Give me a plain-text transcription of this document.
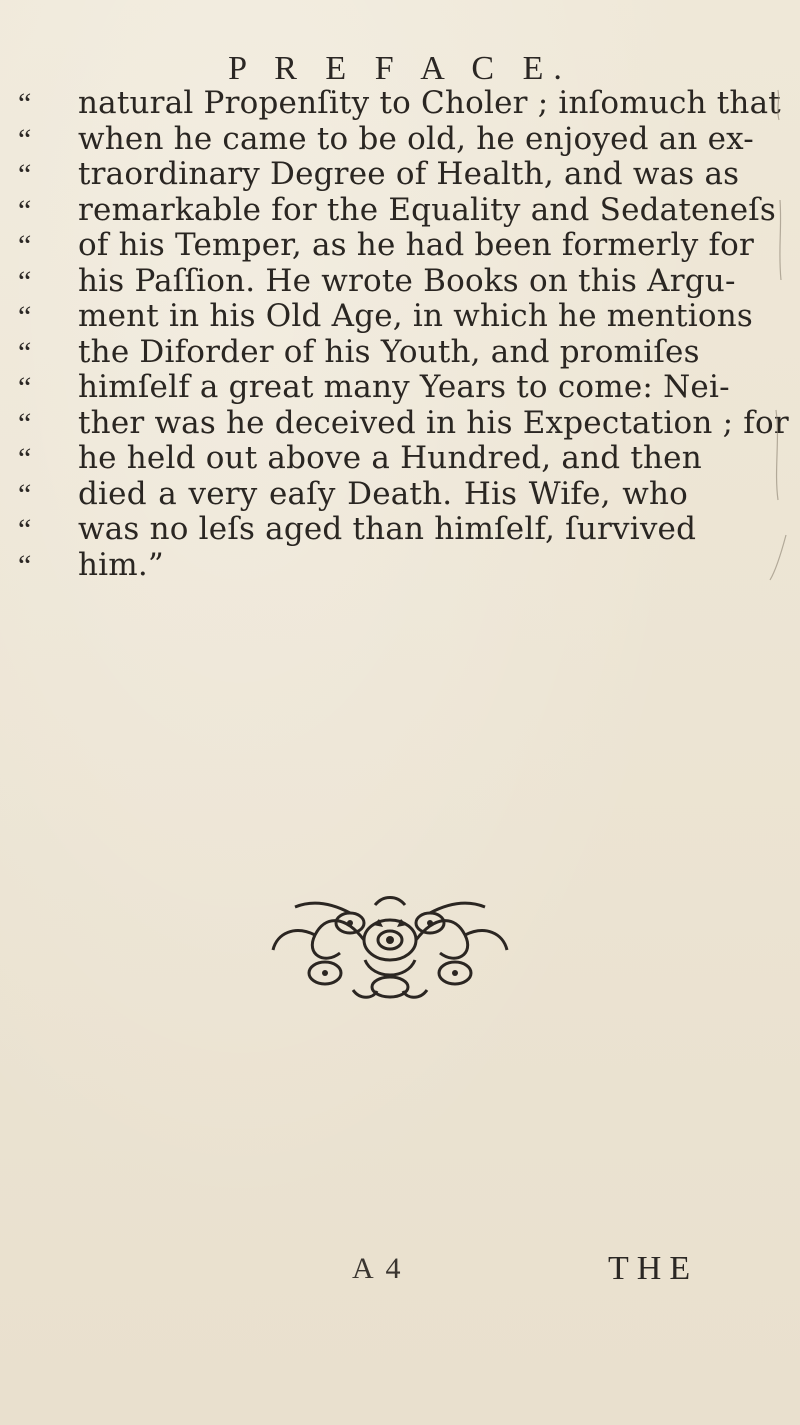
P R E F A C E.
“	natural Propenſity to Choler ; inſomuch that
“	when he came to be old, he enjoyed an ex-
“	traordinary Degree of Health, and was as
“	remarkable for the Equality and Sedateneſs
“	of his Temper, as he had been formerly for
“	his Paſſion. He wrote Books on this Argu-
“	ment in his Old Age, in which he mentions
“	the Diforder of his Youth, and promiſes
“	himſelf a great many Years to come: Nei-
“	ther was he deceived in his Expectation ; for
“	he held out above a Hundred, and then
“	died a very eaſy Death. His Wife, who
“	was no leſs aged than himſelf, ſurvived
“	him.”
A 4	THE
